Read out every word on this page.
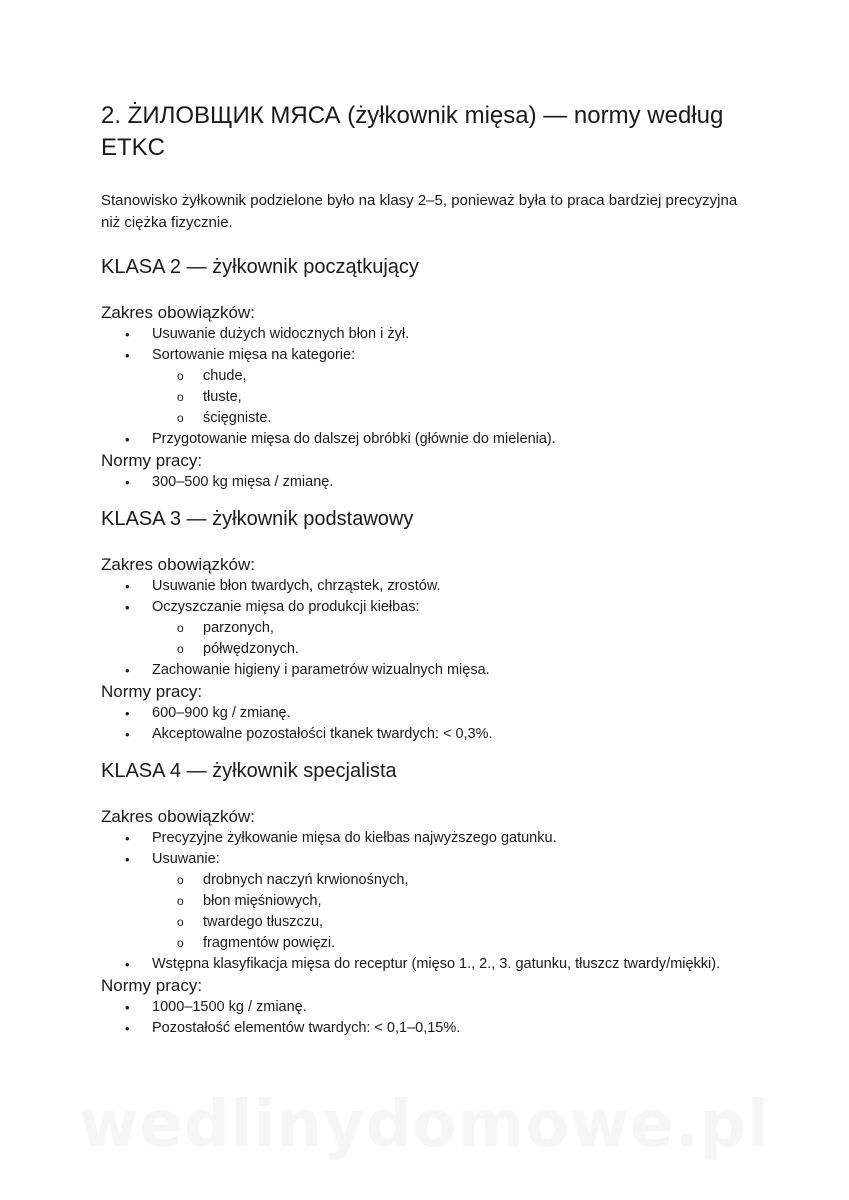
2. ŻИЛОВЩИК МЯСА (żyłkownik mięsa) — normy według ETKC

Stanowisko żyłkownik podzielone było na klasy 2–5, ponieważ była to praca bardziej precyzyjna niż ciężka fizycznie.

KLASA 2 — żyłkownik początkujący
Zakres obowiązków:
• Usuwanie dużych widocznych błon i żył.
• Sortowanie mięsa na kategorie:
o chude,
o tłuste,
o ścięgniste.
• Przygotowanie mięsa do dalszej obróbki (głównie do mielenia).
Normy pracy:
• 300–500 kg mięsa / zmianę.
KLASA 3 — żyłkownik podstawowy
Zakres obowiązków:
• Usuwanie błon twardych, chrząstek, zrostów.
• Oczyszczanie mięsa do produkcji kiełbas:
o parzonych,
o półwędzonych.
• Zachowanie higieny i parametrów wizualnych mięsa.
Normy pracy:
• 600–900 kg / zmianę.
• Akceptowalne pozostałości tkanek twardych: < 0,3%.
KLASA 4 — żyłkownik specjalista
Zakres obowiązków:
• Precyzyjne żyłkowanie mięsa do kiełbas najwyższego gatunku.
• Usuwanie:
o drobnych naczyń krwionośnych,
o błon mięśniowych,
o twardego tłuszczu,
o fragmentów powięzi.
• Wstępna klasyfikacja mięsa do receptur (mięso 1., 2., 3. gatunku, tłuszcz twardy/miękki).
Normy pracy:
• 1000–1500 kg / zmianę.
• Pozostałość elementów twardych: < 0,1–0,15%.
wedlinydomowe.pl
